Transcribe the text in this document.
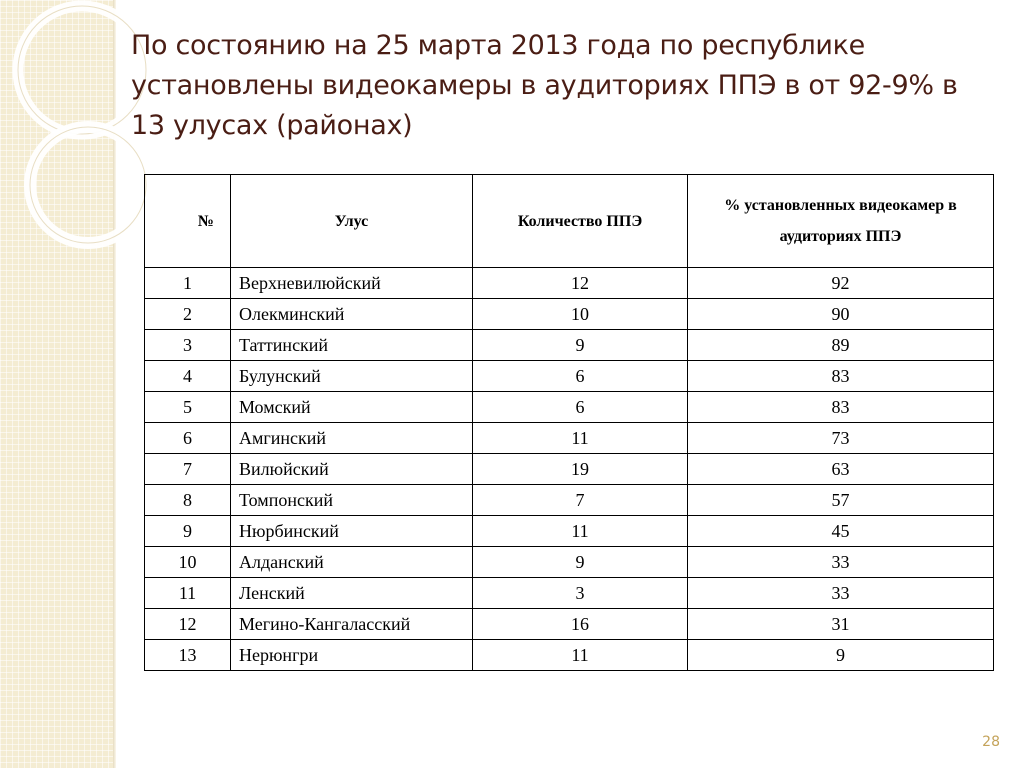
По состоянию на 25 марта 2013 года по республике установлены видеокамеры в аудиториях ППЭ в от 92-9% в 13 улусах (районах)
№	Улус	Количество ППЭ	% установленных видеокамер в аудиториях ППЭ
1	Верхневилюйский	12	92
2	Олекминский	10	90
3	Таттинский	9	89
4	Булунский	6	83
5	Момский	6	83
6	Амгинский	11	73
7	Вилюйский	19	63
8	Томпонский	7	57
9	Нюрбинский	11	45
10	Алданский	9	33
11	Ленский	3	33
12	Мегино-Кангаласский	16	31
13	Нерюнгри	11	9
28
